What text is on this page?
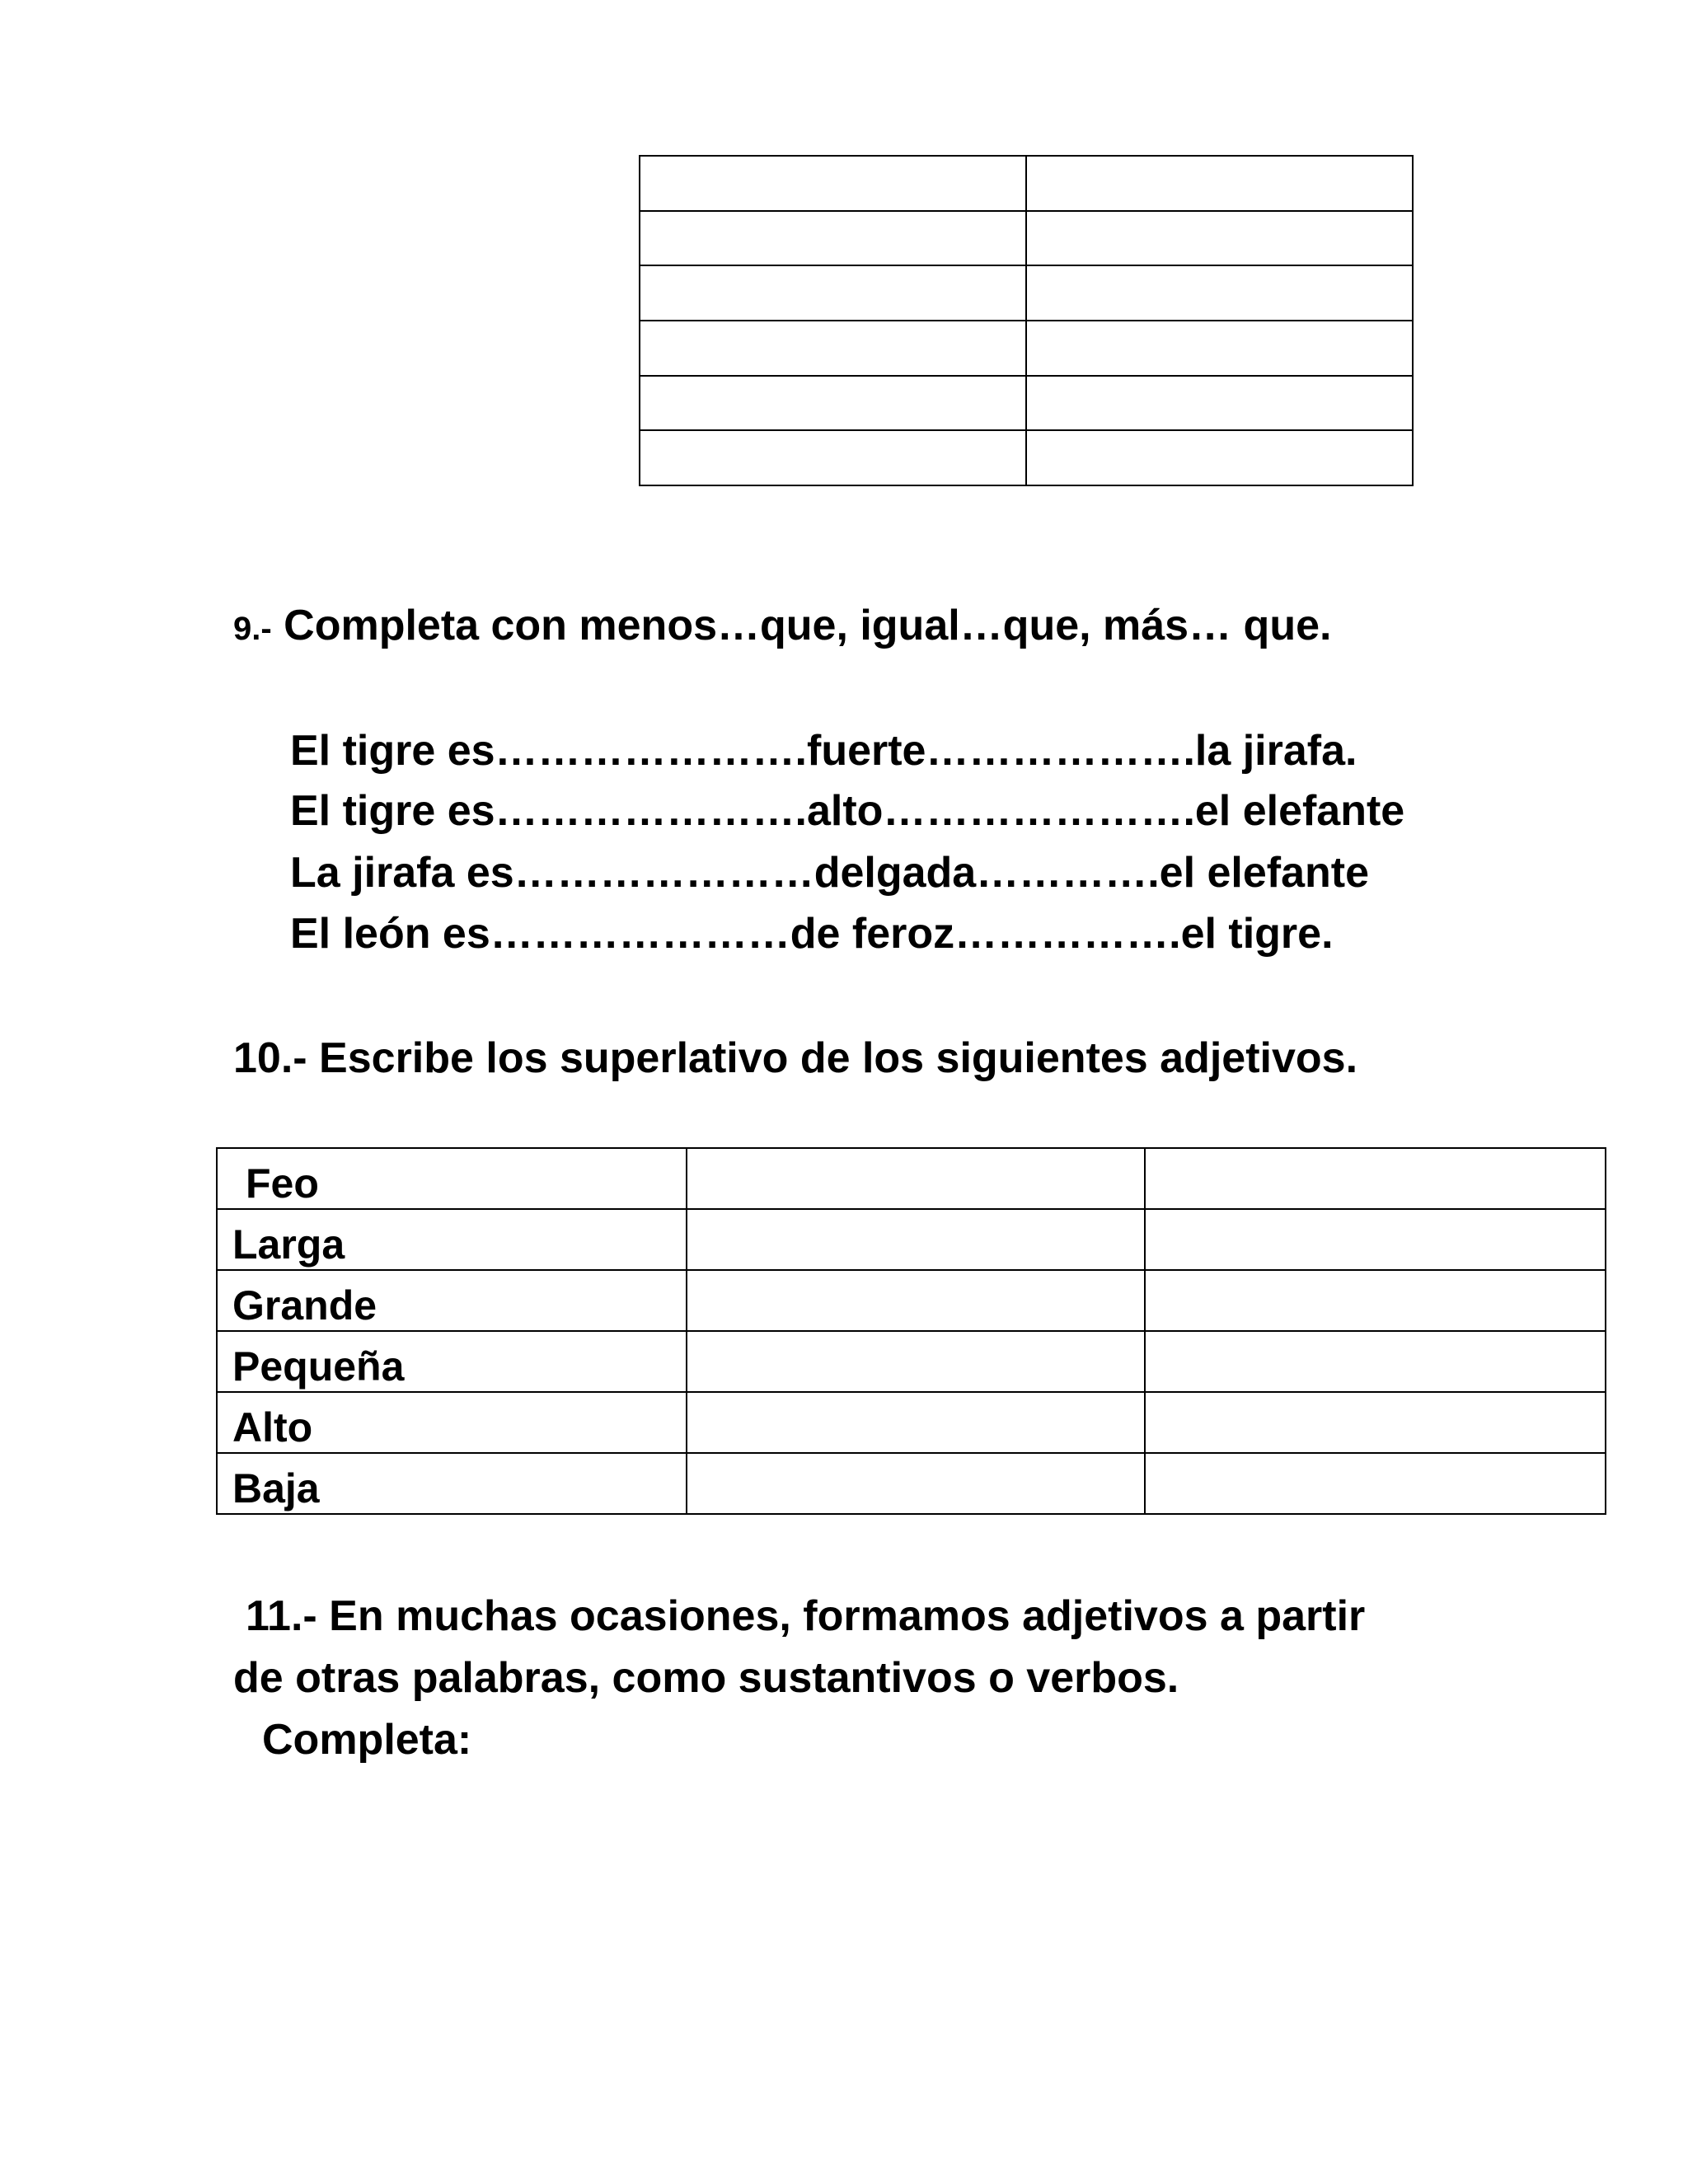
9.- Completa con menos…que, igual…que, más… que.
El tigre es………………….fuerte……………….la jirafa.
El tigre es………………….alto………………….el elefante
La jirafa es…………………delgada………….el elefante
El león es…………………de feroz…………….el tigre.
10.- Escribe los superlativo de los siguientes adjetivos.
Feo		
Larga		
Grande		
Pequeña		
Alto		
Baja		
11.- En muchas ocasiones, formamos adjetivos a partir
de otras palabras, como sustantivos o verbos.
Completa:
